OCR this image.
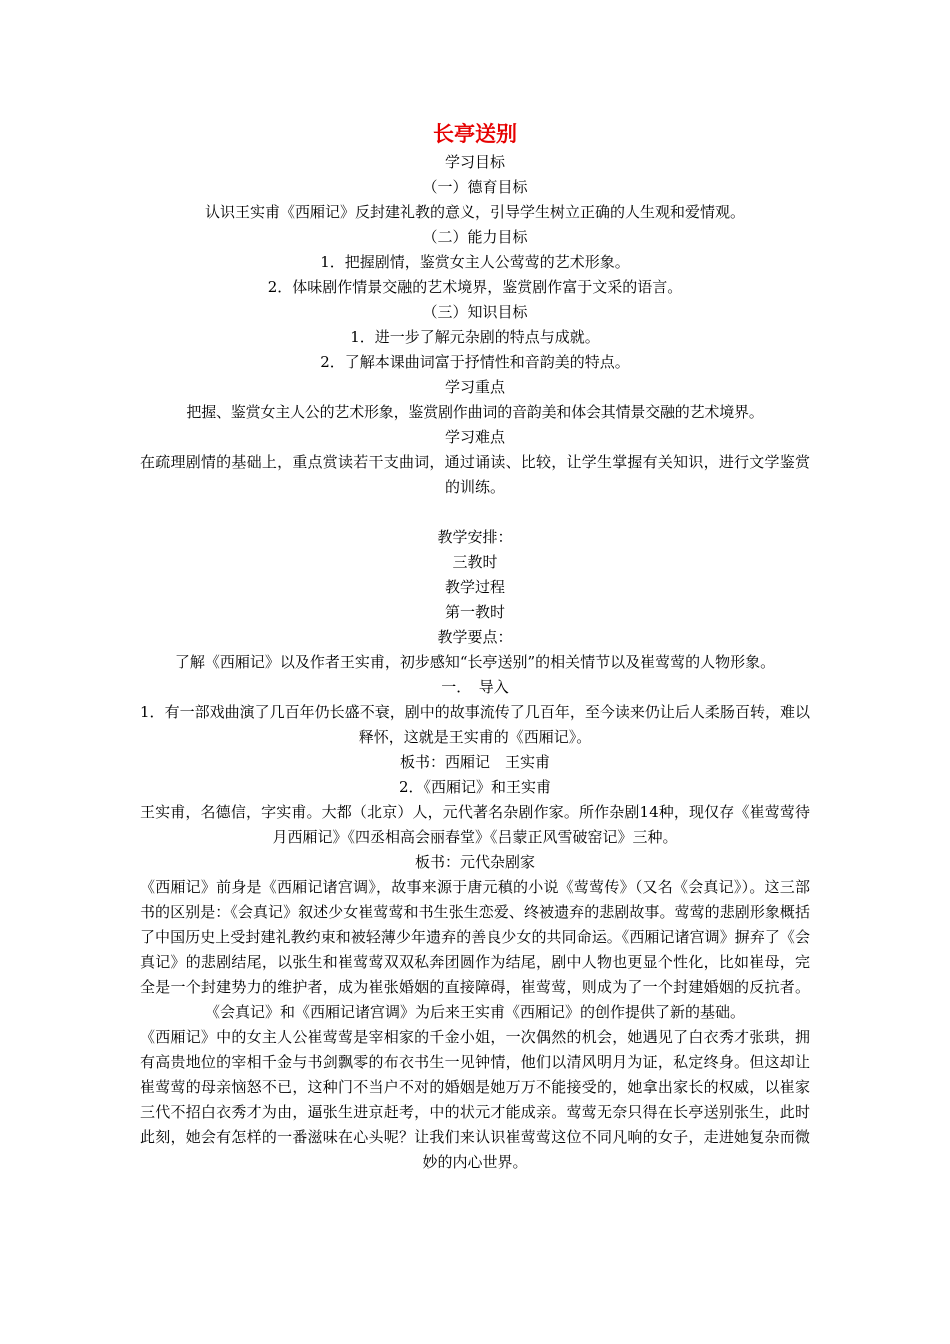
长亭送别

学习目标

（一）德育目标

认识王实甫《西厢记》反封建礼教的意义，引导学生树立正确的人生观和爱情观。

（二）能力目标

1．把握剧情，鉴赏女主人公莺莺的艺术形象。

2．体味剧作情景交融的艺术境界，鉴赏剧作富于文采的语言。

（三）知识目标

1．进一步了解元杂剧的特点与成就。

2．了解本课曲词富于抒情性和音韵美的特点。

学习重点

把握、鉴赏女主人公的艺术形象，鉴赏剧作曲词的音韵美和体会其情景交融的艺术境界。

学习难点

在疏理剧情的基础上，重点赏读若干支曲词，通过诵读、比较，让学生掌握有关知识，进行文学鉴赏的训练。

教学安排：

三教时

教学过程

第一教时

教学要点：

了解《西厢记》以及作者王实甫，初步感知“长亭送别”的相关情节以及崔莺莺的人物形象。

一．　导入

1．有一部戏曲演了几百年仍长盛不衰，剧中的故事流传了几百年，至今读来仍让后人柔肠百转，难以释怀，这就是王实甫的《西厢记》。

板书：西厢记　王实甫

2．《西厢记》和王实甫

王实甫，名德信，字实甫。大都（北京）人，元代著名杂剧作家。所作杂剧14种，现仅存《崔莺莺待月西厢记》《四丞相高会丽春堂》《吕蒙正风雪破窑记》三种。

板书：元代杂剧家

《西厢记》前身是《西厢记诸宫调》，故事来源于唐元稹的小说《莺莺传》（又名《会真记》）。这三部书的区别是：《会真记》叙述少女崔莺莺和书生张生恋爱、终被遗弃的悲剧故事。莺莺的悲剧形象概括了中国历史上受封建礼教约束和被轻薄少年遗弃的善良少女的共同命运。《西厢记诸宫调》摒弃了《会真记》的悲剧结尾，以张生和崔莺莺双双私奔团圆作为结尾，剧中人物也更显个性化，比如崔母，完全是一个封建势力的维护者，成为崔张婚姻的直接障碍，崔莺莺，则成为了一个封建婚姻的反抗者。《会真记》和《西厢记诸宫调》为后来王实甫《西厢记》的创作提供了新的基础。

《西厢记》中的女主人公崔莺莺是宰相家的千金小姐，一次偶然的机会，她遇见了白衣秀才张珙，拥有高贵地位的宰相千金与书剑飘零的布衣书生一见钟情，他们以清风明月为证，私定终身。但这却让崔莺莺的母亲恼怒不已，这种门不当户不对的婚姻是她万万不能接受的，她拿出家长的权威，以崔家三代不招白衣秀才为由，逼张生进京赶考，中的状元才能成亲。莺莺无奈只得在长亭送别张生，此时此刻，她会有怎样的一番滋味在心头呢？让我们来认识崔莺莺这位不同凡响的女子，走进她复杂而微妙的内心世界。
